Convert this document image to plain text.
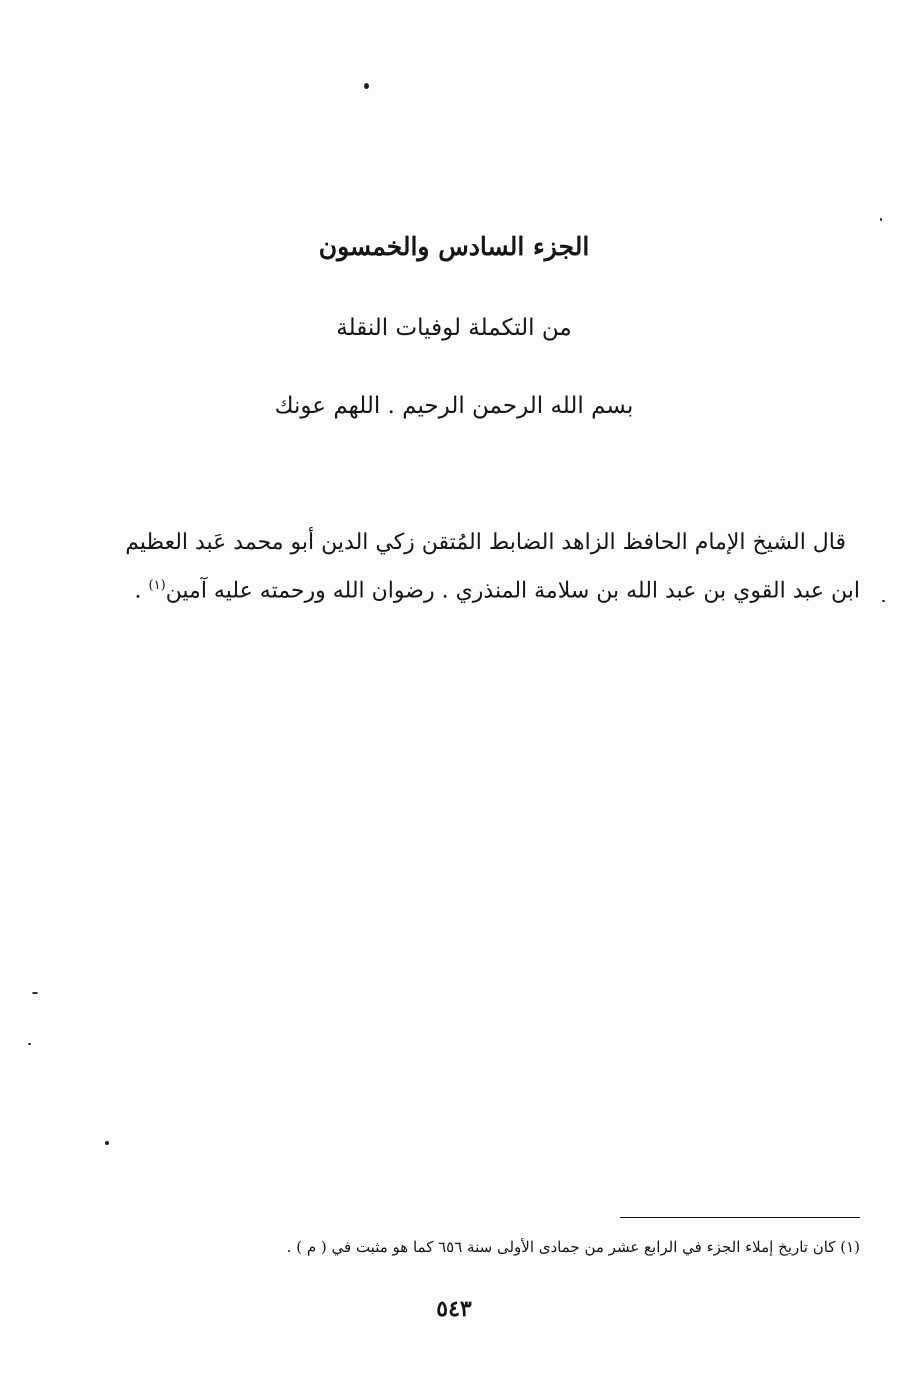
الجزء السادس والخمسون
من التكملة لوفيات النقلة
بسم الله الرحمن الرحيم . اللهم عونك
قال الشيخ الإمام الحافظ الزاهد الضابط المُتقن زكي الدين أبو محمد عَبد العظيم
ابن عبد القوي بن عبد الله بن سلامة المنذري . رضوان الله ورحمته عليه آمين$^{(١)}$ .
(١) كان تاريخ إملاء الجزء في الرابع عشر من جمادى الأولى سنة ٦٥٦ كما هو مثبت في ( م ) .
٥٤٣
